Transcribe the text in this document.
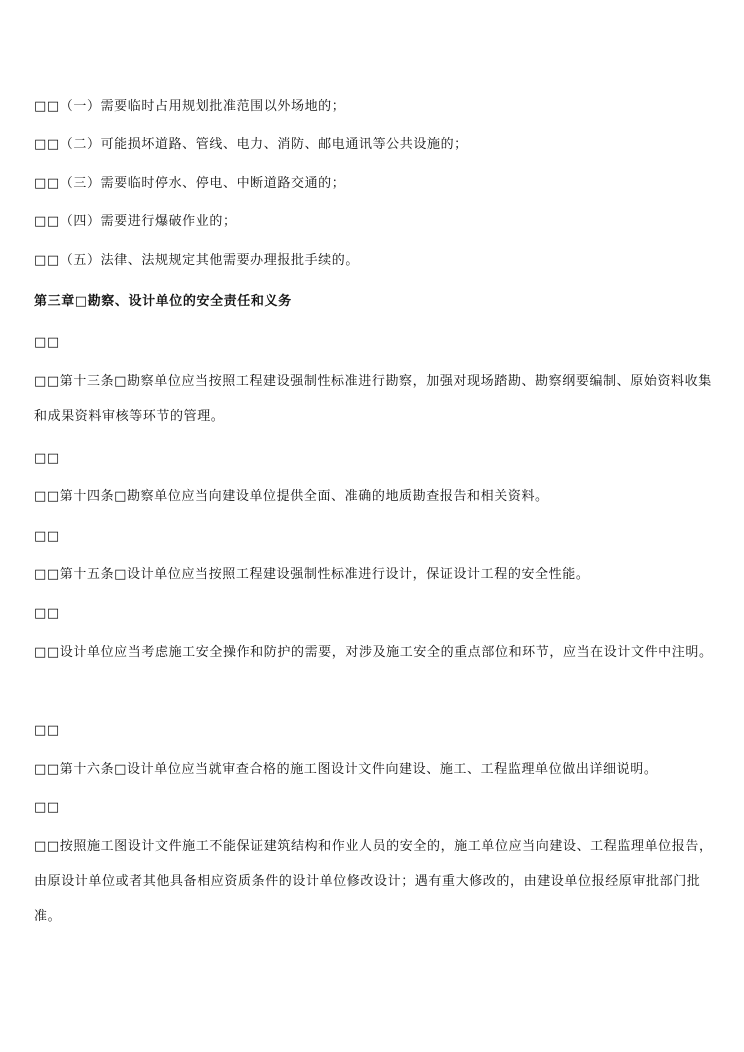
□□（一）需要临时占用规划批准范围以外场地的；
□□（二）可能损坏道路、管线、电力、消防、邮电通讯等公共设施的；
□□（三）需要临时停水、停电、中断道路交通的；
□□（四）需要进行爆破作业的；
□□（五）法律、法规规定其他需要办理报批手续的。
第三章□勘察、设计单位的安全责任和义务
□□
□□第十三条□勘察单位应当按照工程建设强制性标准进行勘察，加强对现场踏勘、勘察纲要编制、原始资料收集和成果资料审核等环节的管理。
□□
□□第十四条□勘察单位应当向建设单位提供全面、准确的地质勘查报告和相关资料。
□□
□□第十五条□设计单位应当按照工程建设强制性标准进行设计，保证设计工程的安全性能。
□□
□□设计单位应当考虑施工安全操作和防护的需要，对涉及施工安全的重点部位和环节，应当在设计文件中注明。
□□
□□第十六条□设计单位应当就审查合格的施工图设计文件向建设、施工、工程监理单位做出详细说明。
□□
□□按照施工图设计文件施工不能保证建筑结构和作业人员的安全的，施工单位应当向建设、工程监理单位报告，由原设计单位或者其他具备相应资质条件的设计单位修改设计；遇有重大修改的，由建设单位报经原审批部门批准。
